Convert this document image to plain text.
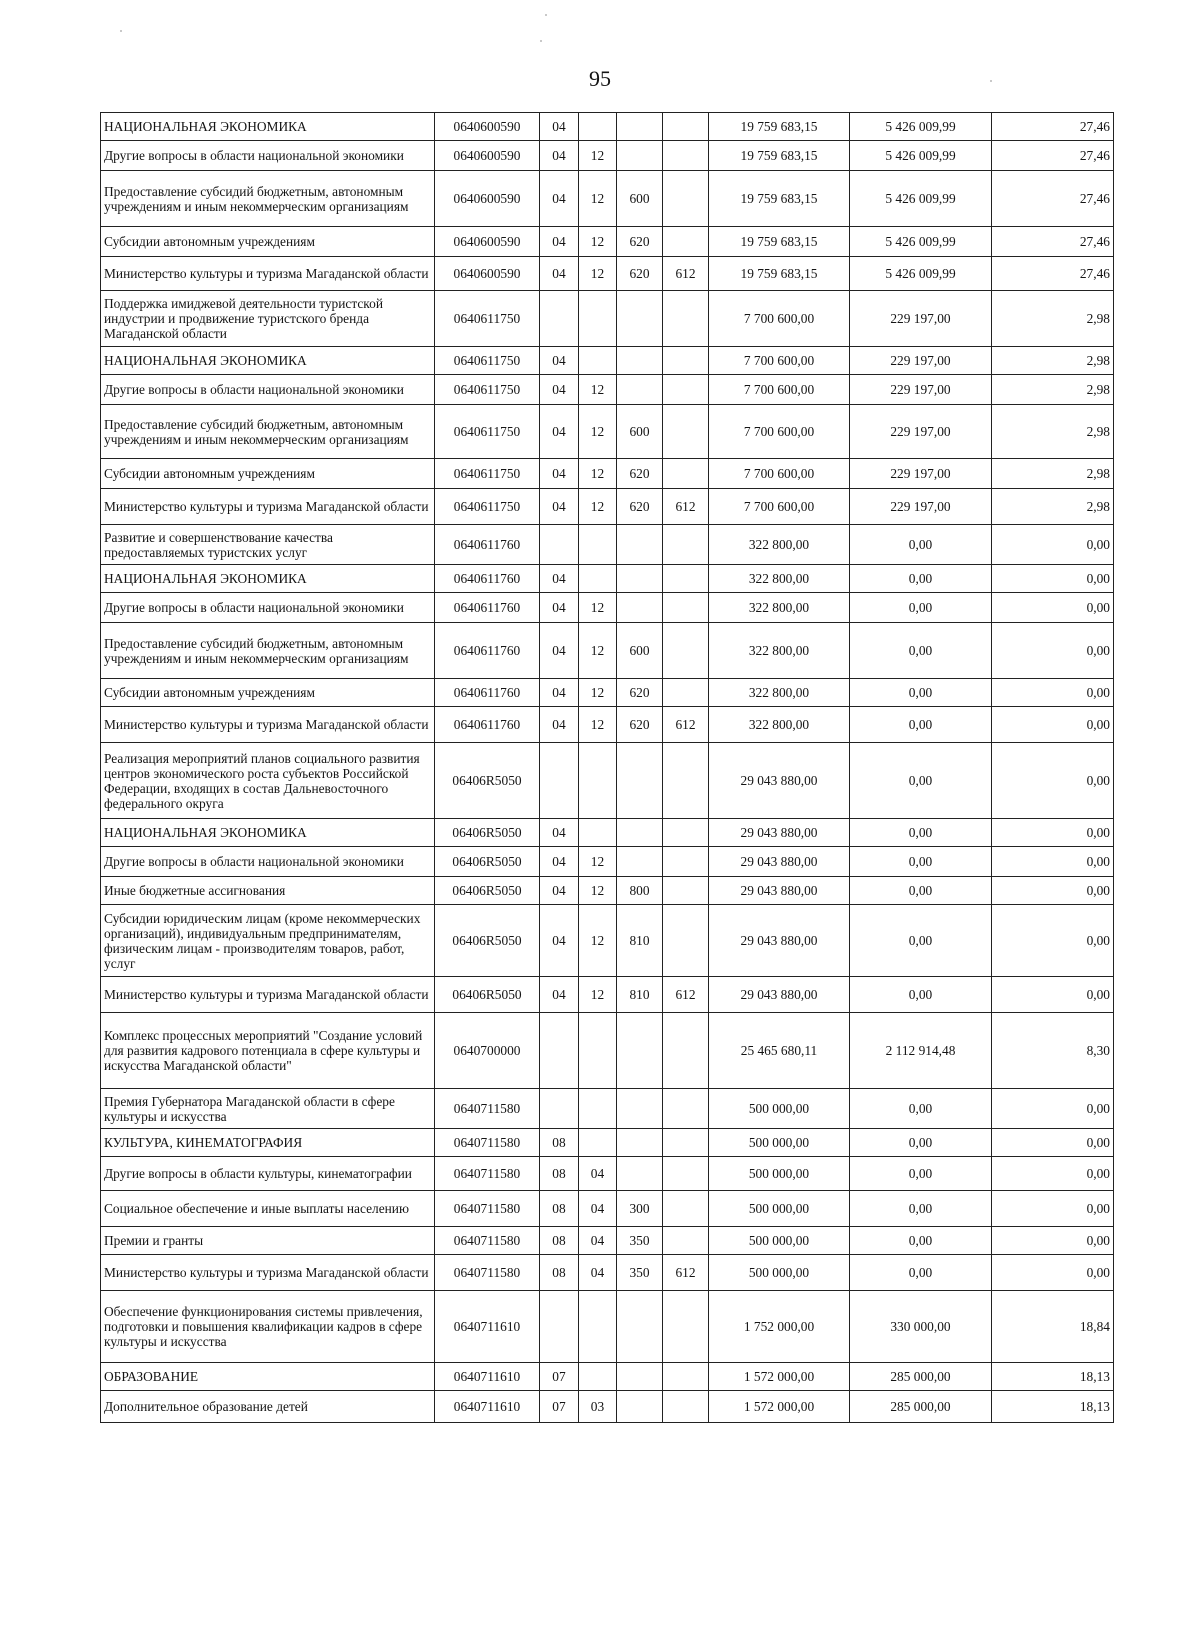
95
НАЦИОНАЛЬНАЯ ЭКОНОМИКА	0640600590	04				19 759 683,15	5 426 009,99	27,46
Другие вопросы в области национальной экономики	0640600590	04	12			19 759 683,15	5 426 009,99	27,46
Предоставление субсидий бюджетным, автономным учреждениям и иным некоммерческим организациям	0640600590	04	12	600		19 759 683,15	5 426 009,99	27,46
Субсидии автономным учреждениям	0640600590	04	12	620		19 759 683,15	5 426 009,99	27,46
Министерство культуры и туризма Магаданской области	0640600590	04	12	620	612	19 759 683,15	5 426 009,99	27,46
Поддержка имиджевой деятельности туристской индустрии и продвижение туристского бренда Магаданской области	0640611750					7 700 600,00	229 197,00	2,98
НАЦИОНАЛЬНАЯ ЭКОНОМИКА	0640611750	04				7 700 600,00	229 197,00	2,98
Другие вопросы в области национальной экономики	0640611750	04	12			7 700 600,00	229 197,00	2,98
Предоставление субсидий бюджетным, автономным учреждениям и иным некоммерческим организациям	0640611750	04	12	600		7 700 600,00	229 197,00	2,98
Субсидии автономным учреждениям	0640611750	04	12	620		7 700 600,00	229 197,00	2,98
Министерство культуры и туризма Магаданской области	0640611750	04	12	620	612	7 700 600,00	229 197,00	2,98
Развитие и совершенствование качества предоставляемых туристских услуг	0640611760					322 800,00	0,00	0,00
НАЦИОНАЛЬНАЯ ЭКОНОМИКА	0640611760	04				322 800,00	0,00	0,00
Другие вопросы в области национальной экономики	0640611760	04	12			322 800,00	0,00	0,00
Предоставление субсидий бюджетным, автономным учреждениям и иным некоммерческим организациям	0640611760	04	12	600		322 800,00	0,00	0,00
Субсидии автономным учреждениям	0640611760	04	12	620		322 800,00	0,00	0,00
Министерство культуры и туризма Магаданской области	0640611760	04	12	620	612	322 800,00	0,00	0,00
Реализация мероприятий планов социального развития центров экономического роста субъектов Российской Федерации, входящих в состав Дальневосточного федерального округа	06406R5050					29 043 880,00	0,00	0,00
НАЦИОНАЛЬНАЯ ЭКОНОМИКА	06406R5050	04				29 043 880,00	0,00	0,00
Другие вопросы в области национальной экономики	06406R5050	04	12			29 043 880,00	0,00	0,00
Иные бюджетные ассигнования	06406R5050	04	12	800		29 043 880,00	0,00	0,00
Субсидии юридическим лицам (кроме некоммерческих организаций), индивидуальным предпринимателям, физическим лицам - производителям товаров, работ, услуг	06406R5050	04	12	810		29 043 880,00	0,00	0,00
Министерство культуры и туризма Магаданской области	06406R5050	04	12	810	612	29 043 880,00	0,00	0,00
Комплекс процессных мероприятий "Создание условий для развития кадрового потенциала в сфере культуры и искусства Магаданской области"	0640700000					25 465 680,11	2 112 914,48	8,30
Премия Губернатора Магаданской области в сфере культуры и искусства	0640711580					500 000,00	0,00	0,00
КУЛЬТУРА, КИНЕМАТОГРАФИЯ	0640711580	08				500 000,00	0,00	0,00
Другие вопросы в области культуры, кинематографии	0640711580	08	04			500 000,00	0,00	0,00
Социальное обеспечение и иные выплаты населению	0640711580	08	04	300		500 000,00	0,00	0,00
Премии и гранты	0640711580	08	04	350		500 000,00	0,00	0,00
Министерство культуры и туризма Магаданской области	0640711580	08	04	350	612	500 000,00	0,00	0,00
Обеспечение функционирования системы привлечения, подготовки и повышения квалификации кадров в сфере культуры и искусства	0640711610					1 752 000,00	330 000,00	18,84
ОБРАЗОВАНИЕ	0640711610	07				1 572 000,00	285 000,00	18,13
Дополнительное образование детей	0640711610	07	03			1 572 000,00	285 000,00	18,13
